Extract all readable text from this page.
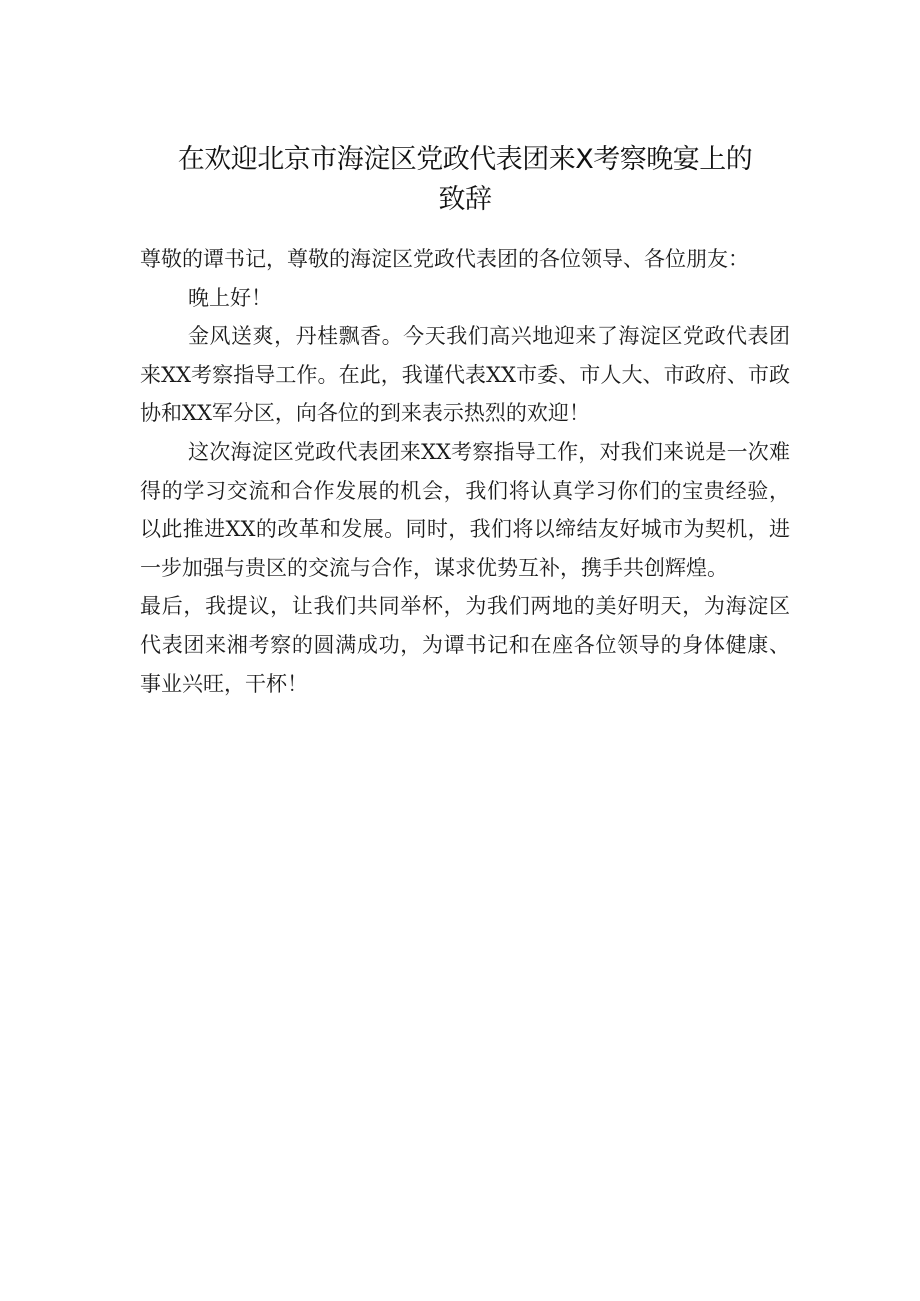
在欢迎北京市海淀区党政代表团来X考察晚宴上的
致辞

尊敬的谭书记，尊敬的海淀区党政代表团的各位领导、各位朋友：

晚上好！

金风送爽，丹桂飘香。今天我们高兴地迎来了海淀区党政代表团来XX考察指导工作。在此，我谨代表XX市委、市人大、市政府、市政协和XX军分区，向各位的到来表示热烈的欢迎！

这次海淀区党政代表团来XX考察指导工作，对我们来说是一次难得的学习交流和合作发展的机会，我们将认真学习你们的宝贵经验，以此推进XX的改革和发展。同时，我们将以缔结友好城市为契机，进一步加强与贵区的交流与合作，谋求优势互补，携手共创辉煌。

最后，我提议，让我们共同举杯，为我们两地的美好明天，为海淀区代表团来湘考察的圆满成功，为谭书记和在座各位领导的身体健康、事业兴旺，干杯！
